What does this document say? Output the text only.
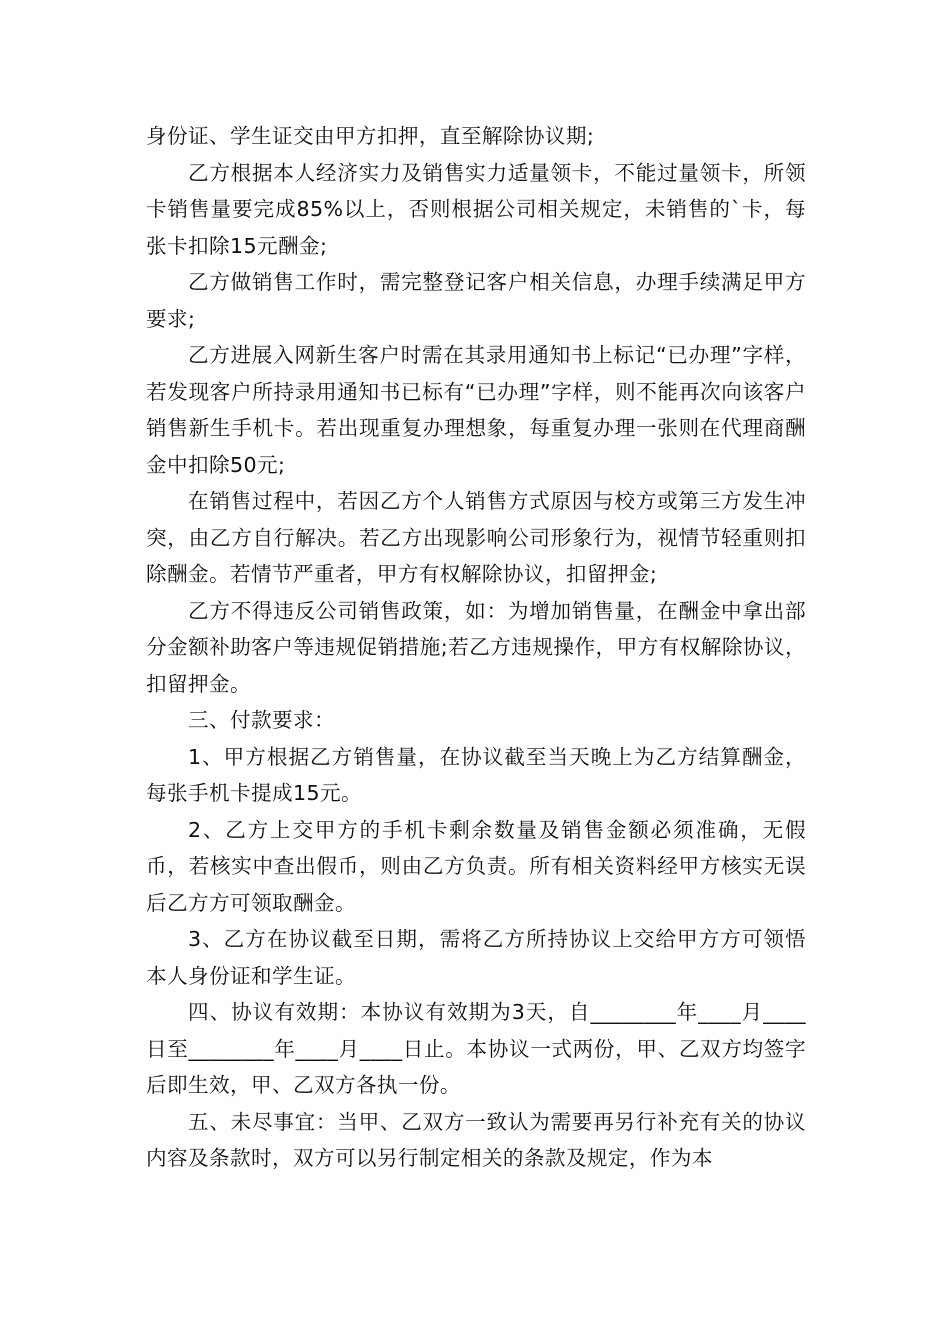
身份证、学生证交由甲方扣押，直至解除协议期;

乙方根据本人经济实力及销售实力适量领卡，不能过量领卡，所领卡销售量要完成85%以上，否则根据公司相关规定，未销售的`卡，每张卡扣除15元酬金;

乙方做销售工作时，需完整登记客户相关信息，办理手续满足甲方要求;

乙方进展入网新生客户时需在其录用通知书上标记“已办理”字样，若发现客户所持录用通知书已标有“已办理”字样，则不能再次向该客户销售新生手机卡。若出现重复办理想象，每重复办理一张则在代理商酬金中扣除50元;

在销售过程中，若因乙方个人销售方式原因与校方或第三方发生冲突，由乙方自行解决。若乙方出现影响公司形象行为，视情节轻重则扣除酬金。若情节严重者，甲方有权解除协议，扣留押金;

乙方不得违反公司销售政策，如：为增加销售量，在酬金中拿出部分金额补助客户等违规促销措施;若乙方违规操作，甲方有权解除协议，扣留押金。

三、付款要求：

1、甲方根据乙方销售量，在协议截至当天晚上为乙方结算酬金，每张手机卡提成15元。

2、乙方上交甲方的手机卡剩余数量及销售金额必须准确，无假币，若核实中查出假币，则由乙方负责。所有相关资料经甲方核实无误后乙方方可领取酬金。

3、乙方在协议截至日期，需将乙方所持协议上交给甲方方可领悟本人身份证和学生证。

四、协议有效期：本协议有效期为3天，自________年____月____日至________年____月____日止。本协议一式两份，甲、乙双方均签字后即生效，甲、乙双方各执一份。

五、未尽事宜：当甲、乙双方一致认为需要再另行补充有关的协议内容及条款时，双方可以另行制定相关的条款及规定，作为本
